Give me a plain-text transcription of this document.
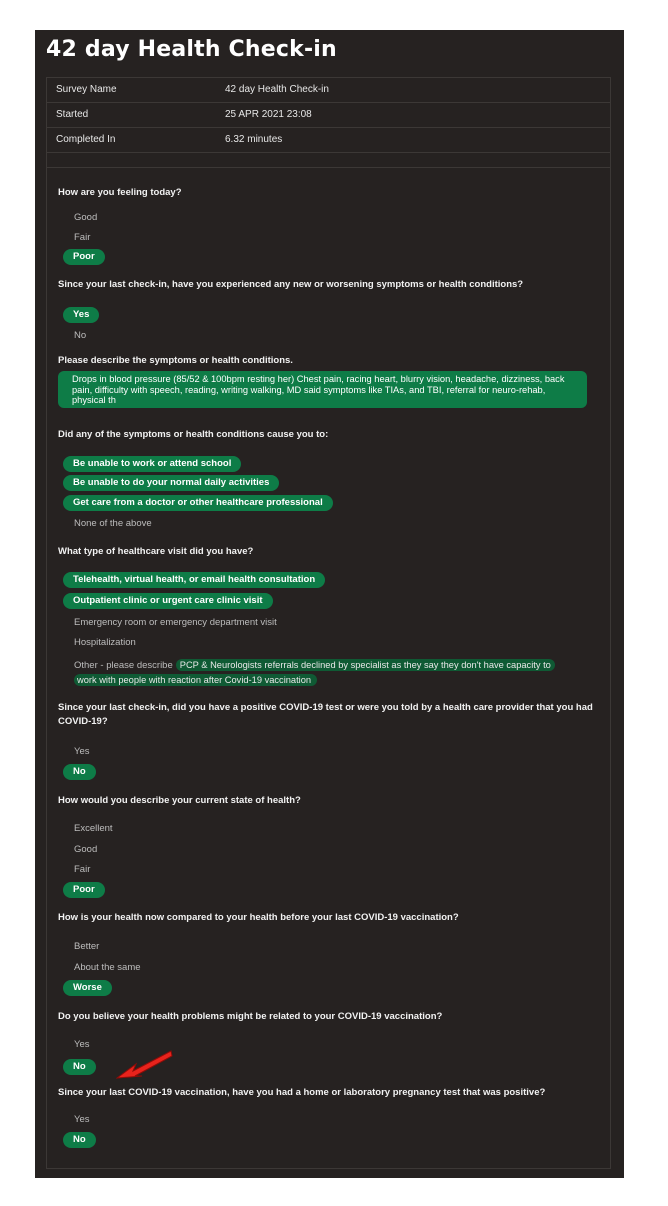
42 day Health Check-in
Survey Name	42 day Health Check-in
Started	25 APR 2021 23:08
Completed In	6.32 minutes
How are you feeling today?
Good
Fair
Poor
Since your last check-in, have you experienced any new or worsening symptoms or health conditions?
Yes
No
Please describe the symptoms or health conditions.
Drops in blood pressure (85/52 & 100bpm resting her) Chest pain, racing heart, blurry vision, headache, dizziness, back pain, difficulty with speech, reading, writing walking, MD said symptoms like TIAs, and TBI, referral for neuro-rehab, physical th
Did any of the symptoms or health conditions cause you to:
Be unable to work or attend school
Be unable to do your normal daily activities
Get care from a doctor or other healthcare professional
None of the above
What type of healthcare visit did you have?
Telehealth, virtual health, or email health consultation
Outpatient clinic or urgent care clinic visit
Emergency room or emergency department visit
Hospitalization
Other - please describe PCP & Neurologists referrals declined by specialist as they say they don't have capacity to
work with people with reaction after Covid-19 vaccination
Since your last check-in, did you have a positive COVID-19 test or were you told by a health care provider that you had COVID-19?
Yes
No
How would you describe your current state of health?
Excellent
Good
Fair
Poor
How is your health now compared to your health before your last COVID-19 vaccination?
Better
About the same
Worse
Do you believe your health problems might be related to your COVID-19 vaccination?
Yes
No
Since your last COVID-19 vaccination, have you had a home or laboratory pregnancy test that was positive?
Yes
No
